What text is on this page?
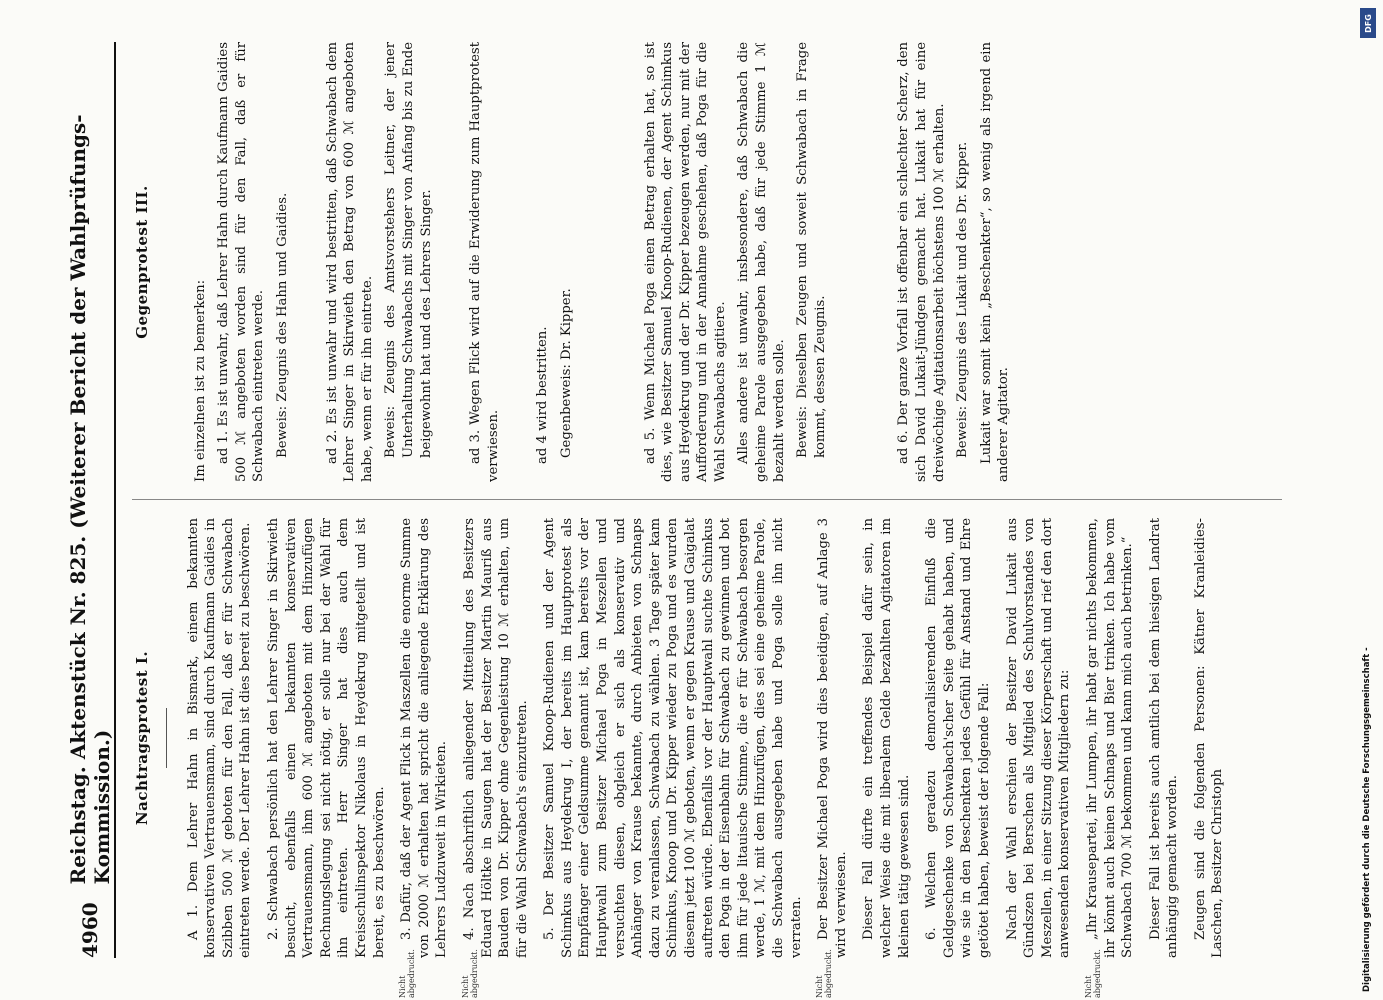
4960
Reichstag. Aktenstück Nr. 825. (Weiterer Bericht der Wahlprüfungs-Kommission.) Nachtragsprotest I.	A 1. Dem Lehrer Hahn in Bismark, einem bekannten konservativen Vertrauensmann, sind durch Kaufmann Gaidies in Szibben 500 ℳ geboten für den Fall, daß er für Schwabach eintreten werde. Der Lehrer Hahn ist dies bereit zu beschwören. 2. Schwabach persönlich hat den Lehrer Singer in Skirwieth besucht, ebenfalls einen bekannten konservativen Vertrauensmann, ihm 600 ℳ angeboten mit dem Hinzufügen Rechnungslegung sei nicht nötig, er solle nur bei der Wahl für ihn eintreten. Herr Singer hat dies auch dem Kreisschulinspektor Nikolaus in Heydekrug mitgeteilt und ist bereit, es zu beschwören.

Nicht abgedruckt.

3. Dafür, daß der Agent Flick in Maszellen die enorme Summe von 2000 ℳ erhalten hat spricht die anliegende Erklärung des Lehrers Ludzuweit in Wirkieten.

Nicht abgedruckt.

4. Nach abschriftlich anliegender Mitteilung des Besitzers Eduard Höltke in Saugen hat der Besitzer Martin Mauriß aus Bauden von Dr. Kipper ohne Gegenleistung 10 ℳ erhalten, um für die Wahl Schwabach's einzutreten. 5. Der Besitzer Samuel Knoop-Rudienen und der Agent Schimkus aus Heydekrug I, der bereits im Hauptprotest als Empfänger einer Geldsumme genannt ist, kam bereits vor der Hauptwahl zum Besitzer Michael Poga in Meszellen und versuchten diesen, obgleich er sich als konservativ und Anhänger von Krause bekannte, durch Anbieten von Schnaps dazu zu veranlassen, Schwabach zu wählen. 3 Tage später kam Schimkus, Knoop und Dr. Kipper wieder zu Poga und es wurden diesem jetzt 100 ℳ geboten, wenn er gegen Krause und Gaigalat auftreten würde. Ebenfalls vor der Hauptwahl suchte Schimkus den Poga in der Eisenbahn für Schwabach zu gewinnen und bot ihm für jede litauische Stimme, die er für Schwabach besorgen werde, 1 ℳ, mit dem Hinzufügen, dies sei eine geheime Parole, die Schwabach ausgegeben habe und Poga solle ihn nicht verraten.

Nicht abgedruckt.

Der Besitzer Michael Poga wird dies beeidigen, auf Anlage 3 wird verwiesen. Dieser Fall dürfte ein treffendes Beispiel dafür sein, in welcher Weise die mit liberalem Gelde bezahlten Agitatoren im kleinen tätig gewesen sind. 6. Welchen geradezu demoralisierenden Einfluß die Geldgeschenke von Schwabach'scher Seite gehabt haben, und wie sie in den Beschenkten jedes Gefühl für Anstand und Ehre getötet haben, beweist der folgende Fall: Nach der Wahl erschien der Besitzer David Lukait aus Gündszen bei Berschen als Mitglied des Schulvorstandes von Meszellen, in einer Sitzung dieser Körperschaft und rief den dort anwesenden konservativen Mitgliedern zu:

Nicht abgedruckt.

„Ihr Krausepartei, ihr Lumpen, ihr habt gar nichts bekommen, ihr könnt auch keinen Schnaps und Bier trinken. Ich habe vom Schwabach 700 ℳ bekommen und kann mich auch betrinken.“ Dieser Fall ist bereits auch amtlich bei dem hiesigen Landrat anhängig gemacht worden. Zeugen sind die folgenden Personen: Kätner Kranleidies-Laschen, Besitzer Christoph

Gegenprotest III.

Im einzelnen ist zu bemerken: ad 1. Es ist unwahr, daß Lehrer Hahn durch Kaufmann Gaidies 500 ℳ angeboten worden sind für den Fall, daß er für Schwabach eintreten werde. Beweis: Zeugnis des Hahn und Gaidies.	ad 2. Es ist unwahr und wird bestritten, daß Schwabach dem Lehrer Singer in Skirwieth den Betrag von 600 ℳ angeboten habe, wenn er für ihn eintrete. Beweis: Zeugnis des Amtsvorstehers Leitner, der jener Unterhaltung Schwabachs mit Singer von Anfang bis zu Ende beigewohnt hat und des Lehrers Singer.	ad 3. Wegen Flick wird auf die Erwiderung zum Hauptprotest verwiesen.	ad 4 wird bestritten. Gegenbeweis: Dr. Kipper.	ad 5. Wenn Michael Poga einen Betrag erhalten hat, so ist dies, wie Besitzer Samuel Knoop-Rudienen, der Agent Schimkus aus Heydekrug und der Dr. Kipper bezeugen werden, nur mit der Aufforderung und in der Annahme geschehen, daß Poga für die Wahl Schwabachs agitiere. Alles andere ist unwahr, insbesondere, daß Schwabach die geheime Parole ausgegeben habe, daß für jede Stimme 1 ℳ bezahlt werden solle. Beweis: Dieselben Zeugen und soweit Schwabach in Frage kommt, dessen Zeugnis.	ad 6. Der ganze Vorfall ist offenbar ein schlechter Scherz, den sich David Lukait-Jündgen gemacht hat. Lukait hat für eine dreiwöchige Agitationsarbeit höchstens 100 ℳ erhalten. Beweis: Zeugnis des Lukait und des Dr. Kipper. Lukait war somit kein „Beschenkter“, so wenig als irgend ein anderer Agitator.

DFG
Digitalisierung gefördert durch die Deutsche Forschungsgemeinschaft -
